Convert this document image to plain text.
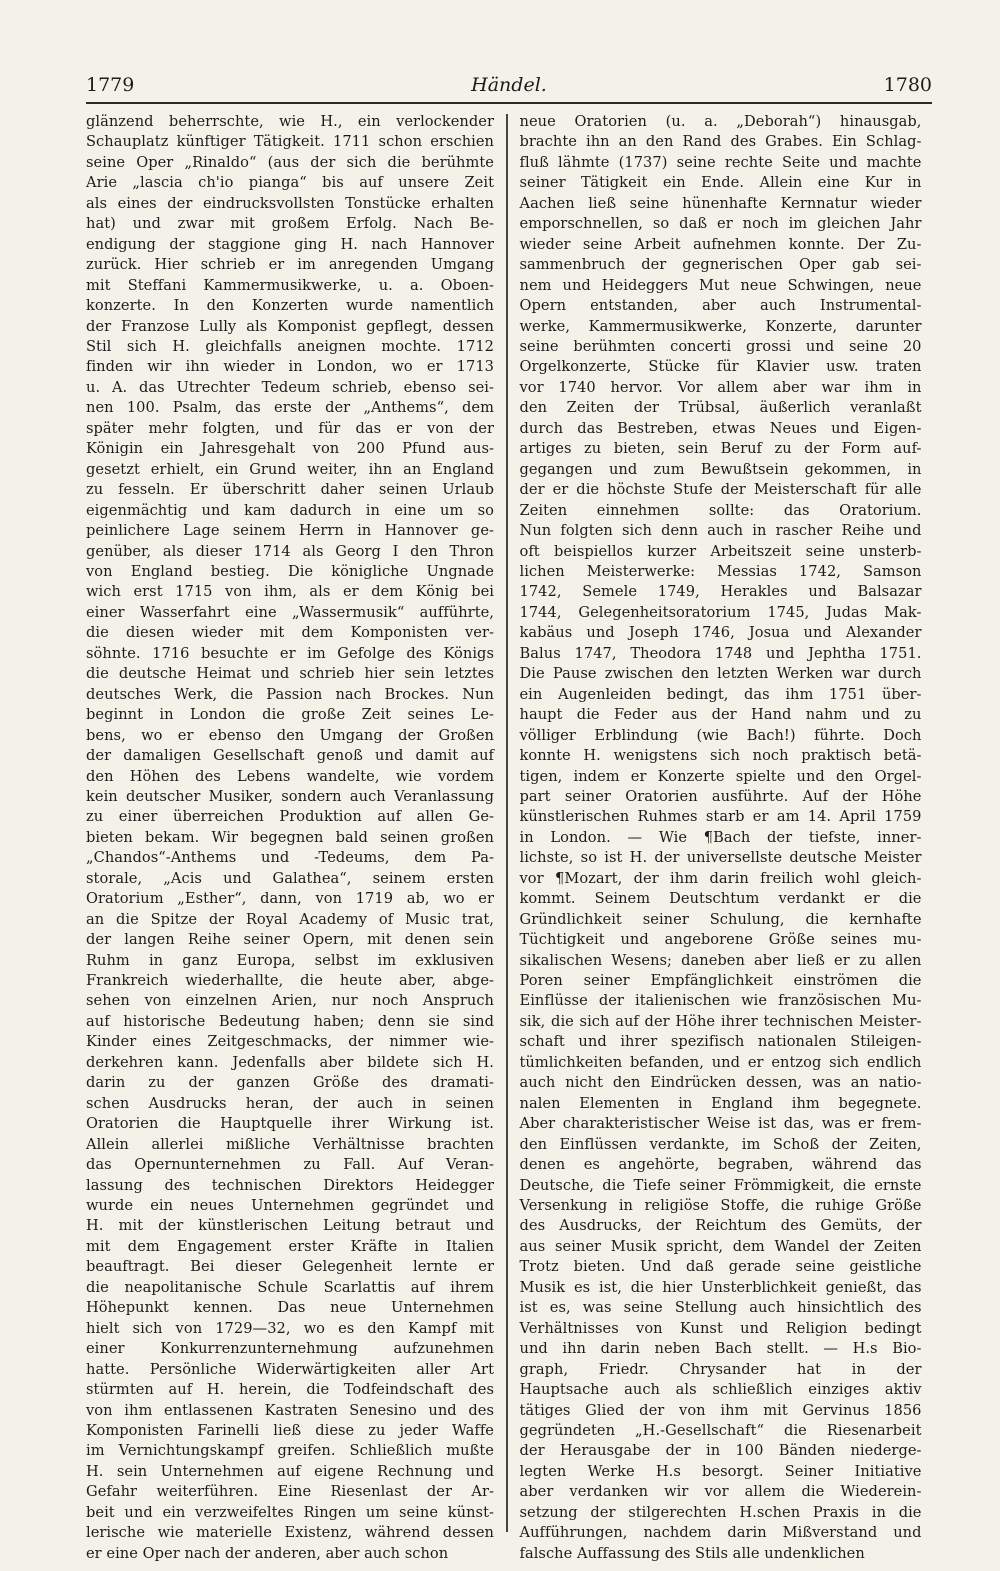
1779	Händel.	1780
glänzend beherrschte, wie H., ein verlockender
Schauplatz künftiger Tätigkeit. 1711 schon erschien
seine Oper „Rinaldo“ (aus der sich die berühmte
Arie „lascia ch'io pianga“ bis auf unsere Zeit
als eines der eindrucksvollsten Tonstücke erhalten
hat) und zwar mit großem Erfolg. Nach Be-
endigung der staggione ging H. nach Hannover
zurück. Hier schrieb er im anregenden Umgang
mit Steffani Kammermusikwerke, u. a. Oboen-
konzerte. In den Konzerten wurde namentlich
der Franzose Lully als Komponist gepflegt, dessen
Stil sich H. gleichfalls aneignen mochte. 1712
finden wir ihn wieder in London, wo er 1713
u. A. das Utrechter Tedeum schrieb, ebenso sei-
nen 100. Psalm, das erste der „Anthems“, dem
später mehr folgten, und für das er von der
Königin ein Jahresgehalt von 200 Pfund aus-
gesetzt erhielt, ein Grund weiter, ihn an England
zu fesseln. Er überschritt daher seinen Urlaub
eigenmächtig und kam dadurch in eine um so
peinlichere Lage seinem Herrn in Hannover ge-
genüber, als dieser 1714 als Georg I den Thron
von England bestieg. Die königliche Ungnade
wich erst 1715 von ihm, als er dem König bei
einer Wasserfahrt eine „Wassermusik“ aufführte,
die diesen wieder mit dem Komponisten ver-
söhnte. 1716 besuchte er im Gefolge des Königs
die deutsche Heimat und schrieb hier sein letztes
deutsches Werk, die Passion nach Brockes. Nun
beginnt in London die große Zeit seines Le-
bens, wo er ebenso den Umgang der Großen
der damaligen Gesellschaft genoß und damit auf
den Höhen des Lebens wandelte, wie vordem
kein deutscher Musiker, sondern auch Veranlassung
zu einer überreichen Produktion auf allen Ge-
bieten bekam. Wir begegnen bald seinen großen
„Chandos“-Anthems und -Tedeums, dem Pa-
storale, „Acis und Galathea“, seinem ersten
Oratorium „Esther“, dann, von 1719 ab, wo er
an die Spitze der Royal Academy of Music trat,
der langen Reihe seiner Opern, mit denen sein
Ruhm in ganz Europa, selbst im exklusiven
Frankreich wiederhallte, die heute aber, abge-
sehen von einzelnen Arien, nur noch Anspruch
auf historische Bedeutung haben; denn sie sind
Kinder eines Zeitgeschmacks, der nimmer wie-
derkehren kann. Jedenfalls aber bildete sich H.
darin zu der ganzen Größe des dramati-
schen Ausdrucks heran, der auch in seinen
Oratorien die Hauptquelle ihrer Wirkung ist.
Allein allerlei mißliche Verhältnisse brachten
das Opernunternehmen zu Fall. Auf Veran-
lassung des technischen Direktors Heidegger
wurde ein neues Unternehmen gegründet und
H. mit der künstlerischen Leitung betraut und
mit dem Engagement erster Kräfte in Italien
beauftragt. Bei dieser Gelegenheit lernte er
die neapolitanische Schule Scarlattis auf ihrem
Höhepunkt kennen. Das neue Unternehmen
hielt sich von 1729—32, wo es den Kampf mit
einer Konkurrenzunternehmung aufzunehmen
hatte. Persönliche Widerwärtigkeiten aller Art
stürmten auf H. herein, die Todfeindschaft des
von ihm entlassenen Kastraten Senesino und des
Komponisten Farinelli ließ diese zu jeder Waffe
im Vernichtungskampf greifen. Schließlich mußte
H. sein Unternehmen auf eigene Rechnung und
Gefahr weiterführen. Eine Riesenlast der Ar-
beit und ein verzweifeltes Ringen um seine künst-
lerische wie materielle Existenz, während dessen
er eine Oper nach der anderen, aber auch schon
neue Oratorien (u. a. „Deborah“) hinausgab,
brachte ihn an den Rand des Grabes. Ein Schlag-
fluß lähmte (1737) seine rechte Seite und machte
seiner Tätigkeit ein Ende. Allein eine Kur in
Aachen ließ seine hünenhafte Kernnatur wieder
emporschnellen, so daß er noch im gleichen Jahr
wieder seine Arbeit aufnehmen konnte. Der Zu-
sammenbruch der gegnerischen Oper gab sei-
nem und Heideggers Mut neue Schwingen, neue
Opern entstanden, aber auch Instrumental-
werke, Kammermusikwerke, Konzerte, darunter
seine berühmten concerti grossi und seine 20
Orgelkonzerte, Stücke für Klavier usw. traten
vor 1740 hervor. Vor allem aber war ihm in
den Zeiten der Trübsal, äußerlich veranlaßt
durch das Bestreben, etwas Neues und Eigen-
artiges zu bieten, sein Beruf zu der Form auf-
gegangen und zum Bewußtsein gekommen, in
der er die höchste Stufe der Meisterschaft für alle
Zeiten einnehmen sollte: das Oratorium.
Nun folgten sich denn auch in rascher Reihe und
oft beispiellos kurzer Arbeitszeit seine unsterb-
lichen Meisterwerke: Messias 1742, Samson
1742, Semele 1749, Herakles und Balsazar
1744, Gelegenheitsoratorium 1745, Judas Mak-
kabäus und Joseph 1746, Josua und Alexander
Balus 1747, Theodora 1748 und Jephtha 1751.
Die Pause zwischen den letzten Werken war durch
ein Augenleiden bedingt, das ihm 1751 über-
haupt die Feder aus der Hand nahm und zu
völliger Erblindung (wie Bach!) führte. Doch
konnte H. wenigstens sich noch praktisch betä-
tigen, indem er Konzerte spielte und den Orgel-
part seiner Oratorien ausführte. Auf der Höhe
künstlerischen Ruhmes starb er am 14. April 1759
in London. — Wie ¶Bach der tiefste, inner-
lichste, so ist H. der universellste deutsche Meister
vor ¶Mozart, der ihm darin freilich wohl gleich-
kommt. Seinem Deutschtum verdankt er die
Gründlichkeit seiner Schulung, die kernhafte
Tüchtigkeit und angeborene Größe seines mu-
sikalischen Wesens; daneben aber ließ er zu allen
Poren seiner Empfänglichkeit einströmen die
Einflüsse der italienischen wie französischen Mu-
sik, die sich auf der Höhe ihrer technischen Meister-
schaft und ihrer spezifisch nationalen Stileigen-
tümlichkeiten befanden, und er entzog sich endlich
auch nicht den Eindrücken dessen, was an natio-
nalen Elementen in England ihm begegnete.
Aber charakteristischer Weise ist das, was er frem-
den Einflüssen verdankte, im Schoß der Zeiten,
denen es angehörte, begraben, während das
Deutsche, die Tiefe seiner Frömmigkeit, die ernste
Versenkung in religiöse Stoffe, die ruhige Größe
des Ausdrucks, der Reichtum des Gemüts, der
aus seiner Musik spricht, dem Wandel der Zeiten
Trotz bieten. Und daß gerade seine geistliche
Musik es ist, die hier Unsterblichkeit genießt, das
ist es, was seine Stellung auch hinsichtlich des
Verhältnisses von Kunst und Religion bedingt
und ihn darin neben Bach stellt. — H.s Bio-
graph, Friedr. Chrysander hat in der
Hauptsache auch als schließlich einziges aktiv
tätiges Glied der von ihm mit Gervinus 1856
gegründeten „H.-Gesellschaft“ die Riesenarbeit
der Herausgabe der in 100 Bänden niederge-
legten Werke H.s besorgt. Seiner Initiative
aber verdanken wir vor allem die Wiederein-
setzung der stilgerechten H.schen Praxis in die
Aufführungen, nachdem darin Mißverstand und
falsche Auffassung des Stils alle undenklichen
